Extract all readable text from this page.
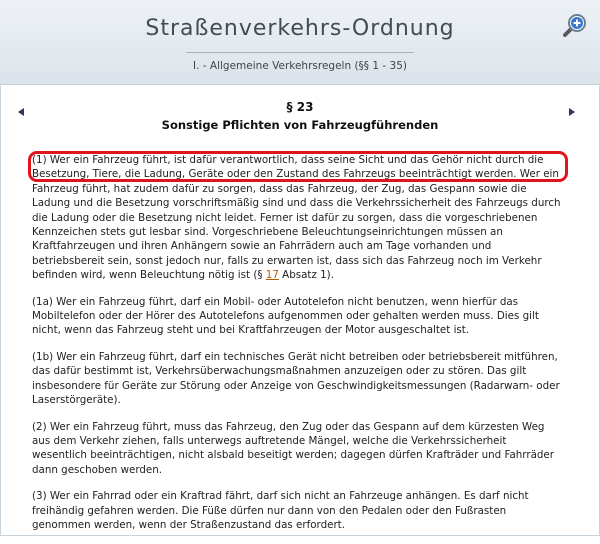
Straßenverkehrs-Ordnung
I. - Allgemeine Verkehrsregeln (§§ 1 - 35)
§ 23
Sonstige Pflichten von Fahrzeugführenden

(1) Wer ein Fahrzeug führt, ist dafür verantwortlich, dass seine Sicht und das Gehör nicht durch die Besetzung, Tiere, die Ladung, Geräte oder den Zustand des Fahrzeugs beeinträchtigt werden. Wer ein Fahrzeug führt, hat zudem dafür zu sorgen, dass das Fahrzeug, der Zug, das Gespann sowie die Ladung und die Besetzung vorschriftsmäßig sind und dass die Verkehrssicherheit des Fahrzeugs durch die Ladung oder die Besetzung nicht leidet. Ferner ist dafür zu sorgen, dass die vorgeschriebenen Kennzeichen stets gut lesbar sind. Vorgeschriebene Beleuchtungseinrichtungen müssen an Kraftfahrzeugen und ihren Anhängern sowie an Fahrrädern auch am Tage vorhanden und betriebsbereit sein, sonst jedoch nur, falls zu erwarten ist, dass sich das Fahrzeug noch im Verkehr befinden wird, wenn Beleuchtung nötig ist (§ 17 Absatz 1).

(1a) Wer ein Fahrzeug führt, darf ein Mobil- oder Autotelefon nicht benutzen, wenn hierfür das Mobiltelefon oder der Hörer des Autotelefons aufgenommen oder gehalten werden muss. Dies gilt nicht, wenn das Fahrzeug steht und bei Kraftfahrzeugen der Motor ausgeschaltet ist.

(1b) Wer ein Fahrzeug führt, darf ein technisches Gerät nicht betreiben oder betriebsbereit mitführen, das dafür bestimmt ist, Verkehrsüberwachungsmaßnahmen anzuzeigen oder zu stören. Das gilt insbesondere für Geräte zur Störung oder Anzeige von Geschwindigkeitsmessungen (Radarwarn- oder Laserstörgeräte).

(2) Wer ein Fahrzeug führt, muss das Fahrzeug, den Zug oder das Gespann auf dem kürzesten Weg aus dem Verkehr ziehen, falls unterwegs auftretende Mängel, welche die Verkehrssicherheit wesentlich beeinträchtigen, nicht alsbald beseitigt werden; dagegen dürfen Krafträder und Fahrräder dann geschoben werden.

(3) Wer ein Fahrrad oder ein Kraftrad fährt, darf sich nicht an Fahrzeuge anhängen. Es darf nicht freihändig gefahren werden. Die Füße dürfen nur dann von den Pedalen oder den Fußrasten genommen werden, wenn der Straßenzustand das erfordert.
